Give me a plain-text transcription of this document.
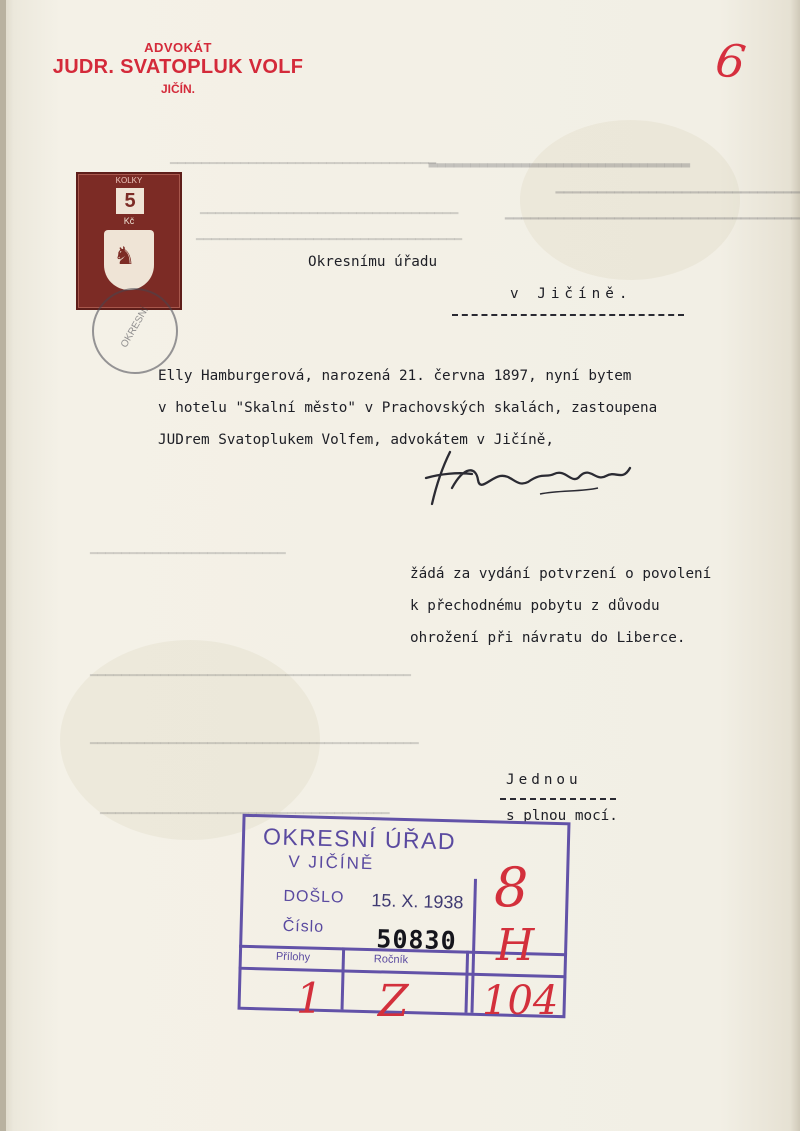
▂▂▂▂▂▂▂▂▂▂▂▂▂▂▂▂▂▂▂▂▂▂▂▂▂▂▂▂▂▂▂
▁▁▁▁▁▁▁▁▁▁▁▁▁▁▁▁▁▁▁▁▁▁▁▁▁▁▁▁▁
▁▁▁▁▁▁▁▁▁▁▁▁▁▁▁▁▁▁▁▁▁▁▁▁▁▁▁▁▁▁▁▁▁▁▁
▔▔▔▔▔▔▔▔▔▔▔▔▔▔▔▔▔▔▔▔▔▔▔▔▔▔▔▔▔▔▔▔▔▔
▁▁▁▁▁▁▁▁▁▁▁▁▁▁▁▁▁▁▁▁▁▁▁▁▁▁▁▁▁▁▁▁▁
▁▁▁▁▁▁▁▁▁▁▁▁▁▁▁▁▁▁▁▁▁▁▁▁▁▁▁▁▁▁▁▁▁▁
▁▁▁▁▁▁▁▁▁▁▁▁▁▁▁▁▁▁▁▁▁▁▁▁▁
▁▁▁▁▁▁▁▁▁▁▁▁▁▁▁▁▁▁▁▁▁▁▁▁▁▁▁▁▁▁▁▁▁▁▁▁▁▁▁▁▁
▁▁▁▁▁▁▁▁▁▁▁▁▁▁▁▁▁▁▁▁▁▁▁▁▁▁▁▁▁▁▁▁▁▁▁▁▁▁▁▁▁▁
▁▁▁▁▁▁▁▁▁▁▁▁▁▁▁▁▁▁▁▁▁▁▁▁▁▁▁▁▁▁▁▁▁▁▁▁▁
ADVOKÁT
JUDR. SVATOPLUK VOLF
JIČÍN.	6
KOLKY
5
Kč
♞
OKRESNÍ
Okresnímu úřadu
v Jičíně.
Elly Hamburgerová, narozená 21. června 1897, nyní bytem
v hotelu "Skalní město" v Prachovských skalách, zastoupena
JUDrem Svatoplukem Volfem, advokátem v Jičíně,
žádá za vydání potvrzení o povolení
k přechodnému pobytu z důvodu
ohrožení při návratu do Liberce.
Jednou
s plnou mocí.
OKRESNÍ ÚŘAD
V JIČÍNĚ
DOŠLO 15. X. 1938
Číslo 50830
Přílohy	Ročník
8
H
1 Z 104
